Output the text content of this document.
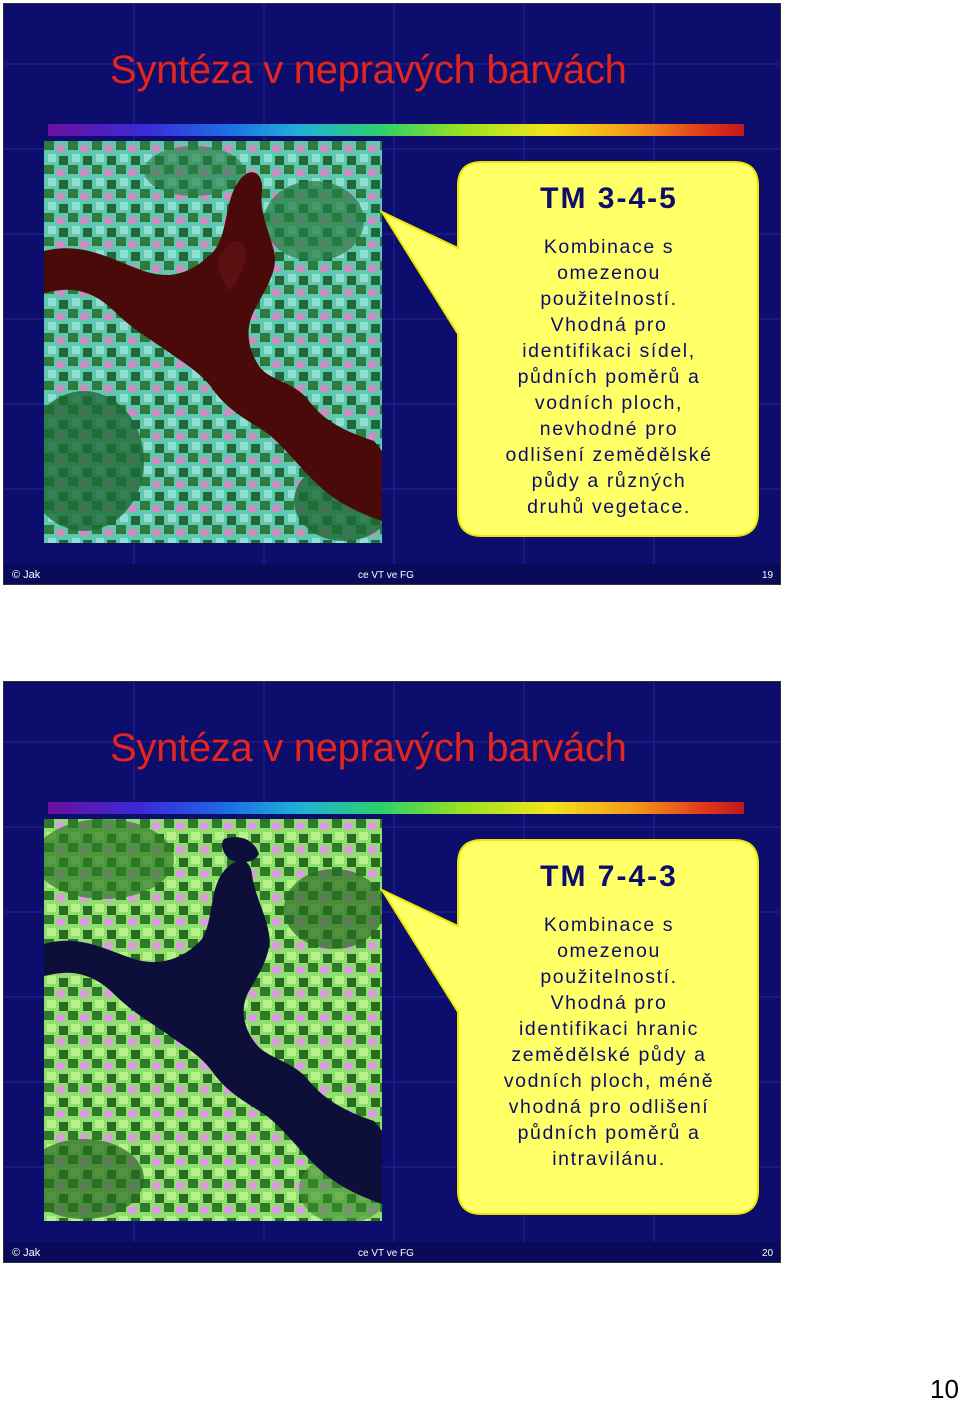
Syntéza v nepravých barvách
TM 3-4-5
Kombinace s
omezenou
použitelností.
Vhodná pro
identifikaci sídel,
půdních poměrů a
vodních ploch,
nevhodné pro
odlišení zemědělské
půdy a různých
druhů vegetace.
© Jak	ce VT ve FG	19
Syntéza v nepravých barvách
TM 7-4-3
Kombinace s
omezenou
použitelností.
Vhodná pro
identifikaci hranic
zemědělské půdy a
vodních ploch, méně
vhodná pro odlišení
půdních poměrů a
intravilánu.
© Jak	ce VT ve FG	20
10
